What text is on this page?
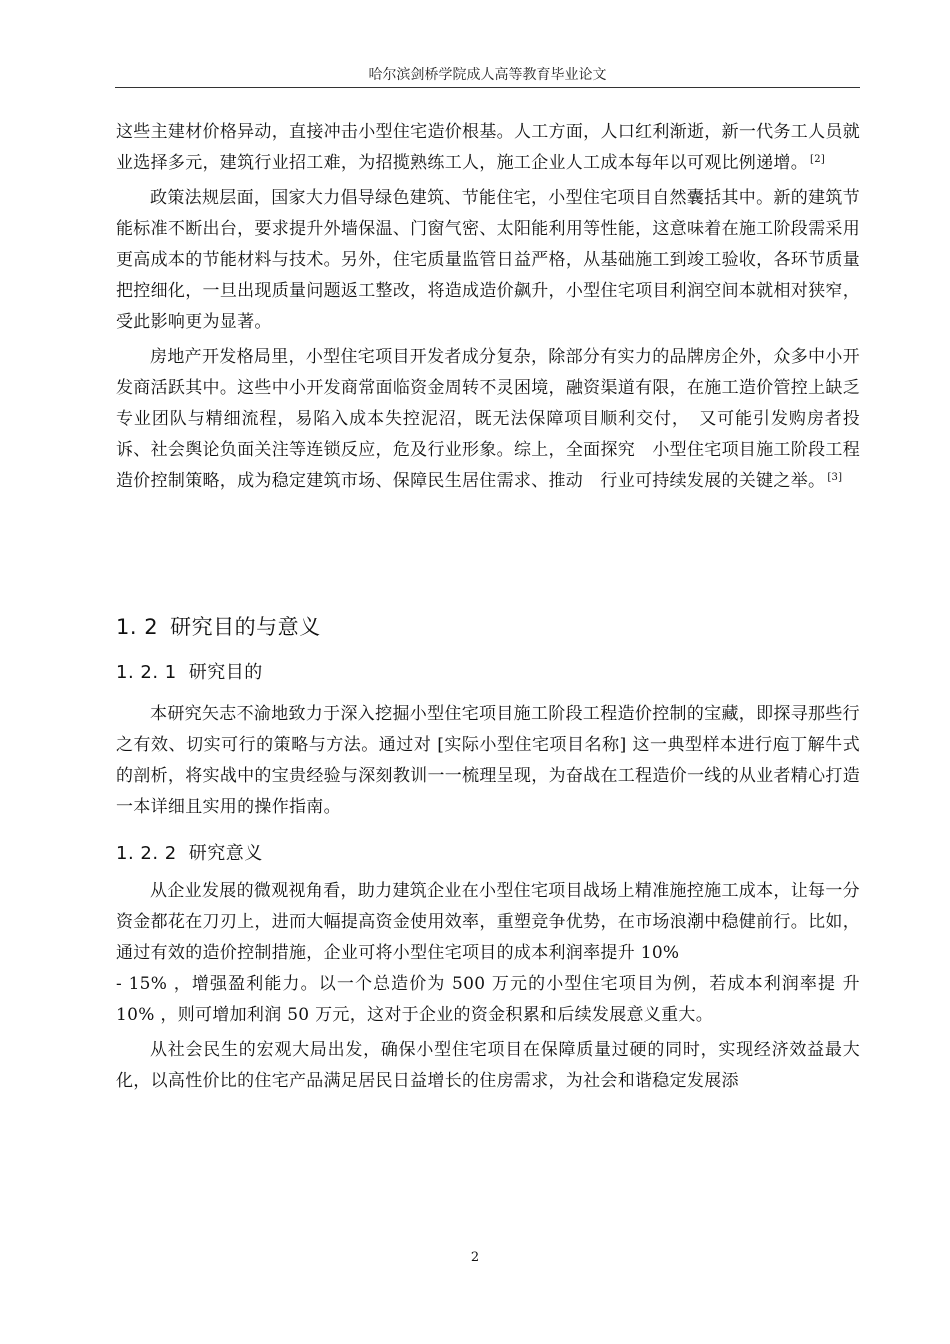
哈尔滨剑桥学院成人高等教育毕业论文

这些主建材价格异动，直接冲击小型住宅造价根基。人工方面，人口红利渐逝，新一代务工人员就业选择多元，建筑行业招工难，为招揽熟练工人，施工企业人工成本每年以可观比例递增。 [2]

政策法规层面，国家大力倡导绿色建筑、节能住宅，小型住宅项目自然囊括其中。新的建筑节能标准不断出台，要求提升外墙保温、门窗气密、太阳能利用等性能，这意味着在施工阶段需采用更高成本的节能材料与技术。另外，住宅质量监管日益严格，从基础施工到竣工验收，各环节质量把控细化，一旦出现质量问题返工整改，将造成造价飙升，小型住宅项目利润空间本就相对狭窄，受此影响更为显著。

房地产开发格局里，小型住宅项目开发者成分复杂，除部分有实力的品牌房企外，众多中小开发商活跃其中。这些中小开发商常面临资金周转不灵困境，融资渠道有限，在施工造价管控上缺乏专业团队与精细流程，易陷入成本失控泥沼，既无法保障项目顺利交付，　又可能引发购房者投诉、社会舆论负面关注等连锁反应，危及行业形象。综上，全面探究　小型住宅项目施工阶段工程造价控制策略，成为稳定建筑市场、保障民生居住需求、推动　行业可持续发展的关键之举。 [3]

1. 2 研究目的与意义
1. 2. 1 研究目的

本研究矢志不渝地致力于深入挖掘小型住宅项目施工阶段工程造价控制的宝藏，即探寻那些行之有效、切实可行的策略与方法。通过对 [实际小型住宅项目名称] 这一典型样本进行庖丁解牛式的剖析，将实战中的宝贵经验与深刻教训一一梳理呈现，为奋战在工程造价一线的从业者精心打造一本详细且实用的操作指南。

1. 2. 2 研究意义

从企业发展的微观视角看，助力建筑企业在小型住宅项目战场上精准施控施工成本，让每一分资金都花在刀刃上，进而大幅提高资金使用效率，重塑竞争优势，在市场浪潮中稳健前行。比如，通过有效的造价控制措施，企业可将小型住宅项目的成本利润率提升 10%

- 15% ，增强盈利能力。以一个总造价为 500 万元的小型住宅项目为例，若成本利润率提 升 10% ，则可增加利润 50 万元，这对于企业的资金积累和后续发展意义重大。

从社会民生的宏观大局出发，确保小型住宅项目在保障质量过硬的同时，实现经济效益最大化，以高性价比的住宅产品满足居民日益增长的住房需求，为社会和谐稳定发展添

2
